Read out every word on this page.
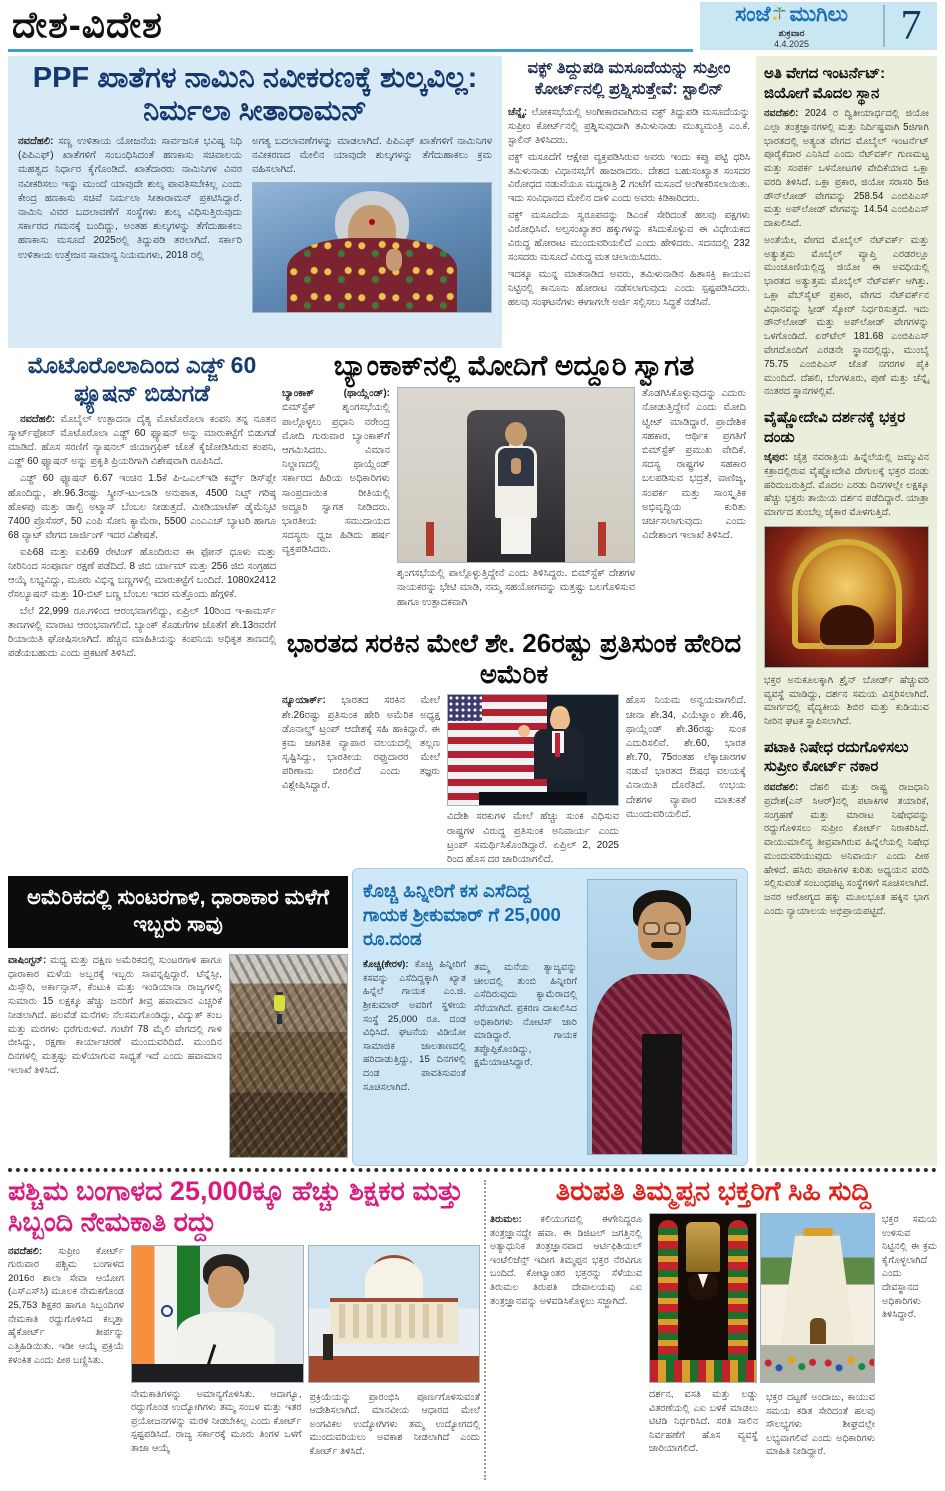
ದೇಶ-ವಿದೇಶ	ಸಂಜೆ ಮುಗಿಲು
ಶುಕ್ರವಾರ
4.4.2025	7
PPF ಖಾತೆಗಳ ನಾಮಿನಿ ನವೀಕರಣಕ್ಕೆ ಶುಲ್ಕವಿಲ್ಲ: ನಿರ್ಮಲಾ ಸೀತಾರಾಮನ್

ನವದೆಹಲಿ: ಸಣ್ಣ ಉಳಿತಾಯ ಯೋಜನೆಯ ಸಾರ್ವಜನಿಕ ಭವಿಷ್ಯ ನಿಧಿ (ಪಿಪಿಎಫ್) ಖಾತೆಗಳಿಗೆ ಸಂಬಂಧಿಸಿದಂತೆ ಹಣಕಾಸು ಸಚಿವಾಲಯ ಮಹತ್ವದ ನಿರ್ಧಾರ ಕೈಗೊಂಡಿದೆ. ಖಾತೆದಾರರು ನಾಮಿನಿಗಳ ವಿವರ ನವೀಕರಿಸಲು ಇನ್ನು ಮುಂದೆ ಯಾವುದೇ ಶುಲ್ಕ ಪಾವತಿಸಬೇಕಿಲ್ಲ ಎಂದು ಕೇಂದ್ರ ಹಣಕಾಸು ಸಚಿವೆ ನಿರ್ಮಲಾ ಸೀತಾರಾಮನ್ ಪ್ರಕಟಿಸಿದ್ದಾರೆ. ನಾಮಿನಿ ವಿವರ ಬದಲಾವಣೆಗೆ ಸಂಸ್ಥೆಗಳು ಶುಲ್ಕ ವಿಧಿಸುತ್ತಿರುವುದು ಸರ್ಕಾರದ ಗಮನಕ್ಕೆ ಬಂದಿದ್ದು, ಅಂತಹ ಶುಲ್ಕಗಳನ್ನು ತೆಗೆದುಹಾಕಲು ಹಣಕಾಸು ಮಸೂದೆ 2025ರಲ್ಲಿ ತಿದ್ದುಪಡಿ ತರಲಾಗಿದೆ. ಸರ್ಕಾರಿ ಉಳಿತಾಯ ಉತ್ತೇಜನ ಸಾಮಾನ್ಯ ನಿಯಮಗಳು, 2018 ರಲ್ಲಿ

ಅಗತ್ಯ ಬದಲಾವಣೆಗಳನ್ನು ಮಾಡಲಾಗಿದೆ. ಪಿಪಿಎಫ್ ಖಾತೆಗಳಿಗೆ ನಾಮಿನಿಗಳ ನವೀಕರಣದ ಮೇಲಿನ ಯಾವುದೇ ಶುಲ್ಕಗಳನ್ನು ತೆಗೆದುಹಾಕಲು ಕ್ರಮ ವಹಿಸಲಾಗಿದೆ.

ವಕ್ಫ್ ತಿದ್ದುಪಡಿ ಮಸೂದೆಯನ್ನು ಸುಪ್ರೀಂ ಕೋರ್ಟ್‌ನಲ್ಲಿ ಪ್ರಶ್ನಿಸುತ್ತೇವೆ: ಸ್ಟಾಲಿನ್

ಚೆನ್ನೈ: ಲೋಕಸಭೆಯಲ್ಲಿ ಅಂಗೀಕಾರವಾಗಿರುವ ವಕ್ಫ್ ತಿದ್ದುಪಡಿ ಮಸೂದೆಯನ್ನು ಸುಪ್ರೀಂ ಕೋರ್ಟ್‌ನಲ್ಲಿ ಪ್ರಶ್ನಿಸುವುದಾಗಿ ತಮಿಳುನಾಡು ಮುಖ್ಯಮಂತ್ರಿ ಎಂ.ಕೆ. ಸ್ಟಾಲಿನ್ ತಿಳಿಸಿದರು.

ವಕ್ಫ್ ಮಸೂದೆಗೆ ಆಕ್ಷೇಪ ವ್ಯಕ್ತಪಡಿಸಿರುವ ಅವರು ಇಂದು ಕಪ್ಪು ಪಟ್ಟಿ ಧರಿಸಿ ತಮಿಳುನಾಡು ವಿಧಾನಸಭೆಗೆ ಹಾಜರಾದರು. ದೇಶದ ಬಹುಸಂಖ್ಯಾತ ಸಂಸದರ ವಿರೋಧದ ನಡುವೆಯೂ ಮಧ್ಯರಾತ್ರಿ 2 ಗಂಟೆಗೆ ಮಸೂದೆ ಅಂಗೀಕರಿಸಲಾಯಿತು. ಇದು ಸಂವಿಧಾನದ ಮೇಲಿನ ದಾಳಿ ಎಂದು ಅವರು ಕಿಡಿಕಾರಿದರು.

ವಕ್ಫ್ ಮಸೂದೆಯ ಸ್ವರೂಪವನ್ನು ಡಿಎಂಕೆ ಸೇರಿದಂತೆ ಹಲವು ಪಕ್ಷಗಳು ವಿರೋಧಿಸಿವೆ. ಅಲ್ಪಸಂಖ್ಯಾತರ ಹಕ್ಕುಗಳನ್ನು ಕಸಿದುಕೊಳ್ಳುವ ಈ ವಿಧೇಯಕದ ವಿರುದ್ಧ ಹೋರಾಟ ಮುಂದುವರಿಯಲಿದೆ ಎಂದು ಹೇಳಿದರು. ಸದನದಲ್ಲಿ 232 ಸಂಸದರು ಮಸೂದೆ ವಿರುದ್ಧ ಮತ ಚಲಾಯಿಸಿದರು.

ಇದಕ್ಕೂ ಮುನ್ನ ಮಾತನಾಡಿದ ಅವರು, ತಮಿಳುನಾಡಿನ ಹಿತಾಸಕ್ತಿ ಕಾಯುವ ನಿಟ್ಟಿನಲ್ಲಿ ಕಾನೂನು ಹೋರಾಟ ನಡೆಸಲಾಗುವುದು ಎಂದು ಸ್ಪಷ್ಟಪಡಿಸಿದರು. ಹಲವು ಸಂಘಟನೆಗಳು ಈಗಾಗಲೇ ಅರ್ಜಿ ಸಲ್ಲಿಸಲು ಸಿದ್ಧತೆ ನಡೆಸಿವೆ.

ಅತಿ ವೇಗದ ಇಂಟರ್ನೆಟ್: ಜಿಯೋಗೆ ಮೊದಲ ಸ್ಥಾನ

ನವದೆಹಲಿ: 2024 ರ ದ್ವಿತೀಯಾರ್ಧದಲ್ಲಿ ಜಿಯೋ ಎಲ್ಲಾ ತಂತ್ರಜ್ಞಾನಗಳಲ್ಲಿ ಮತ್ತು ನಿರ್ದಿಷ್ಟವಾಗಿ 5ಜಿಗಾಗಿ ಭಾರತದಲ್ಲಿ ಅತ್ಯಂತ ವೇಗದ ಮೊಬೈಲ್ ಇಂಟರ್ನೆಟ್ ಪೂರೈಕೆದಾರ ಎನಿಸಿದೆ ಎಂದು ನೆಟ್‌ವರ್ಕ್ ಗುಣಮಟ್ಟ ಮತ್ತು ಸಂಪರ್ಕ ಒಳನೋಟಗಳ ವೇದಿಕೆಯಾದ ಒಕ್ಲಾ ವರದಿ ತಿಳಿಸಿದೆ. ಒಕ್ಲಾ ಪ್ರಕಾರ, ಜಿಯೋ ಸರಾಸರಿ 5ಜಿ ಡೌನ್‌ಲೋಡ್ ವೇಗವನ್ನು 258.54 ಎಂಬಿಪಿಎಸ್ ಮತ್ತು ಅಪ್‌ಲೋಡ್ ವೇಗವನ್ನು 14.54 ಎಂಬಿಪಿಎಸ್ ದಾಖಲಿಸಿದೆ.

ಅಂತೆಯೇ, ವೇಗದ ಮೊಬೈಲ್ ನೆಟ್‌ವರ್ಕ್ ಮತ್ತು ಅತ್ಯುತ್ತಮ ಮೊಬೈಲ್ ವ್ಯಾಪ್ತಿ ಎರಡರಲ್ಲೂ ಮುಂಚೂಣಿಯಲ್ಲಿದ್ದ ಜಿಯೋ ಈ ಅವಧಿಯಲ್ಲಿ ಭಾರತದ ಅತ್ಯುತ್ತಮ ಮೊಬೈಲ್ ನೆಟ್‌ವರ್ಕ್ ಆಗಿತ್ತು. ಒಕ್ಲಾ ವೆಬ್‌ಸೈಟ್ ಪ್ರಕಾರ, ವೇಗದ ನೆಟ್‌ವರ್ಕ್‌ನ ವಿಧಾನವನ್ನು ಸ್ಪೀಡ್ ಸ್ಕೋರ್ ನಿರ್ಧರಿಸುತ್ತದೆ. ಇದು ಡೌನ್‌ಲೋಡ್ ಮತ್ತು ಅಪ್‌ಲೋಡ್ ವೇಗಗಳನ್ನು ಒಳಗೊಂಡಿದೆ. ಏರ್‌ಟೆಲ್ 181.68 ಎಂಬಿಪಿಎಸ್ ವೇಗದೊಂದಿಗೆ ಎರಡನೇ ಸ್ಥಾನದಲ್ಲಿದ್ದು, ಮುಂಬೈ 75.75 ಎಂಬಿಪಿಎಸ್ ಜೊತೆ ನಗರಗಳ ಪೈಕಿ ಮುಂದಿದೆ. ದೆಹಲಿ, ಬೆಂಗಳೂರು, ಪುಣೆ ಮತ್ತು ಚೆನ್ನೈ ನಂತರದ ಸ್ಥಾನಗಳಲ್ಲಿವೆ.

ವೈಷ್ಣೋದೇವಿ ದರ್ಶನಕ್ಕೆ ಭಕ್ತರ ದಂಡು

ಜೈಪುರ: ಚೈತ್ರ ನವರಾತ್ರಿಯ ಹಿನ್ನೆಲೆಯಲ್ಲಿ ಜಮ್ಮುವಿನ ಕತ್ರಾದಲ್ಲಿರುವ ವೈಷ್ಣೋದೇವಿ ದೇಗುಲಕ್ಕೆ ಭಕ್ತರ ದಂಡು ಹರಿದುಬರುತ್ತಿದೆ. ಮೊದಲ ಎರಡು ದಿನಗಳಲ್ಲೇ ಲಕ್ಷಕ್ಕೂ ಹೆಚ್ಚು ಭಕ್ತರು ತಾಯಿಯ ದರ್ಶನ ಪಡೆದಿದ್ದಾರೆ. ಯಾತ್ರಾ ಮಾರ್ಗದ ತುಂಬೆಲ್ಲ ಜೈಕಾರ ಮೊಳಗುತ್ತಿದೆ.

ಭಕ್ತರ ಅನುಕೂಲಕ್ಕಾಗಿ ಶ್ರೈನ್ ಬೋರ್ಡ್ ಹೆಚ್ಚುವರಿ ವ್ಯವಸ್ಥೆ ಮಾಡಿದ್ದು, ದರ್ಶನ ಸಮಯ ವಿಸ್ತರಿಸಲಾಗಿದೆ. ಮಾರ್ಗದಲ್ಲಿ ವೈದ್ಯಕೀಯ ಶಿಬಿರ ಮತ್ತು ಕುಡಿಯುವ ನೀರಿನ ಘಟಕ ಸ್ಥಾಪಿಸಲಾಗಿದೆ.

ಪಟಾಕಿ ನಿಷೇಧ ರದುಗೊಳಿಸಲು ಸುಪ್ರೀಂ ಕೋರ್ಟ್ ನಕಾರ

ನವದೆಹಲಿ: ದೆಹಲಿ ಮತ್ತು ರಾಷ್ಟ್ರ ರಾಜಧಾನಿ ಪ್ರದೇಶ(ಎನ್ ಸಿಆರ್)ನಲ್ಲಿ ಪಟಾಕಿಗಳ ತಯಾರಿಕೆ, ಸಂಗ್ರಹಣೆ ಮತ್ತು ಮಾರಾಟ ನಿಷೇಧವನ್ನು ರದ್ದುಗೊಳಿಸಲು ಸುಪ್ರೀಂ ಕೋರ್ಟ್ ನಿರಾಕರಿಸಿದೆ. ವಾಯುಮಾಲಿನ್ಯ ತೀವ್ರವಾಗಿರುವ ಹಿನ್ನೆಲೆಯಲ್ಲಿ ನಿಷೇಧ ಮುಂದುವರಿಯುವುದು ಅನಿವಾರ್ಯ ಎಂದು ಪೀಠ ಹೇಳಿದೆ. ಹಸಿರು ಪಟಾಕಿಗಳ ಕುರಿತು ಅಧ್ಯಯನ ವರದಿ ಸಲ್ಲಿಸುವಂತೆ ಸಂಬಂಧಪಟ್ಟ ಸಂಸ್ಥೆಗಳಿಗೆ ಸೂಚಿಸಲಾಗಿದೆ. ಜನರ ಆರೋಗ್ಯದ ಹಕ್ಕು ಮೂಲಭೂತ ಹಕ್ಕಿನ ಭಾಗ ಎಂದು ನ್ಯಾಯಾಲಯ ಅಭಿಪ್ರಾಯಪಟ್ಟಿದೆ.

ಮೊಟೊರೊಲಾದಿಂದ ಎಡ್ಜ್ 60 ಫ್ಯೂಷನ್ ಬಿಡುಗಡೆ

ನವದೆಹಲಿ: ಮೊಬೈಲ್ ಉತ್ಪಾದನಾ ದೈತ್ಯ ಮೊಟೊರೊಲಾ ಕಂಪನಿ ತನ್ನ ನೂತನ ಸ್ಮಾರ್ಟ್‌ಫೋನ್ ಮೊಟೊರೊಲಾ ಎಡ್ಜ್ 60 ಫ್ಯೂಷನ್ ಅನ್ನು ಮಾರುಕಟ್ಟೆಗೆ ಬಿಡುಗಡೆ ಮಾಡಿದೆ. ಹೊಸ ಸರಣಿಗೆ ನ್ಯಾಷನಲ್ ಜಿಯಾಗ್ರಫಿಕ್ ಜೊತೆ ಕೈಜೋಡಿಸಿರುವ ಕಂಪನಿ, ಎಡ್ಜ್ 60 ಫ್ಯೂಷನ್ ಅನ್ನು ಪ್ರಕೃತಿ ಪ್ರಿಯರಿಗಾಗಿ ವಿಶೇಷವಾಗಿ ರೂಪಿಸಿದೆ.

ಎಡ್ಜ್ 60 ಫ್ಯೂಷನ್ 6.67 ಇಂಚಿನ 1.5ಕೆ ಪಿ-ಒಎಲ್‌ಇಡಿ ಕರ್ವ್ಡ್ ಡಿಸ್‌ಪ್ಲೇ ಹೊಂದಿದ್ದು, ಶೇ.96.3ರಷ್ಟು ಸ್ಕ್ರೀನ್-ಟು-ಬಾಡಿ ಅನುಪಾತ, 4500 ನಿಟ್ಸ್ ಗರಿಷ್ಠ ಹೊಳಪು ಮತ್ತು ಡಾಲ್ಬಿ ಅಟ್ಮಾಸ್ ಬೆಂಬಲ ನೀಡುತ್ತದೆ. ಮೀಡಿಯಾಟೆಕ್ ಡೈಮೆನ್ಸಿಟಿ 7400 ಪ್ರೊಸೆಸರ್, 50 ಎಂಪಿ ಸೋನಿ ಕ್ಯಾಮೆರಾ, 5500 ಎಂಎಎಚ್ ಬ್ಯಾಟರಿ ಹಾಗೂ 68 ವ್ಯಾಟ್ ವೇಗದ ಚಾರ್ಜಿಂಗ್ ಇದರ ವಿಶೇಷತೆ.

ಐಪಿ68 ಮತ್ತು ಐಪಿ69 ರೇಟಿಂಗ್ ಹೊಂದಿರುವ ಈ ಫೋನ್ ಧೂಳು ಮತ್ತು ನೀರಿನಿಂದ ಸಂಪೂರ್ಣ ರಕ್ಷಣೆ ಪಡೆದಿದೆ. 8 ಜಿಬಿ ರ್ಯಾಮ್ ಮತ್ತು 256 ಜಿಬಿ ಸಂಗ್ರಹದ ಆಯ್ಕೆ ಲಭ್ಯವಿದ್ದು, ಮೂರು ವಿಭಿನ್ನ ಬಣ್ಣಗಳಲ್ಲಿ ಮಾರುಕಟ್ಟೆಗೆ ಬಂದಿದೆ. 1080x2412 ರೆಸಲ್ಯೂಷನ್ ಮತ್ತು 10-ಬಿಟ್ ಬಣ್ಣ ಬೆಂಬಲ ಇದರ ಮತ್ತೊಂದು ಹೆಗ್ಗಳಿಕೆ.

ಬೆಲೆ 22,999 ರೂ.ಗಳಿಂದ ಆರಂಭವಾಗಲಿದ್ದು, ಏಪ್ರಿಲ್ 10ರಿಂದ ಇ-ಕಾಮರ್ಸ್ ತಾಣಗಳಲ್ಲಿ ಮಾರಾಟ ಆರಂಭವಾಗಲಿದೆ. ಬ್ಯಾಂಕ್ ಕೊಡುಗೆಗಳ ಜೊತೆಗೆ ಶೇ.13ರವರೆಗೆ ರಿಯಾಯಿತಿ ಘೋಷಿಸಲಾಗಿದೆ. ಹೆಚ್ಚಿನ ಮಾಹಿತಿಯನ್ನು ಕಂಪನಿಯ ಅಧಿಕೃತ ತಾಣದಲ್ಲಿ ಪಡೆಯಬಹುದು ಎಂದು ಪ್ರಕಟಣೆ ತಿಳಿಸಿದೆ.

ಬ್ಯಾಂಕಾಕ್‌ನಲ್ಲಿ ಮೋದಿಗೆ ಅದ್ದೂರಿ ಸ್ವಾಗತ

ಬ್ಯಾಂಕಾಕ್ (ಥಾಯ್ಲೆಂಡ್): ಬಿಮ್‌ಸ್ಟೆಕ್ ಶೃಂಗಸಭೆಯಲ್ಲಿ ಪಾಲ್ಗೊಳ್ಳಲು ಪ್ರಧಾನಿ ನರೇಂದ್ರ ಮೋದಿ ಗುರುವಾರ ಬ್ಯಾಂಕಾಕ್‌ಗೆ ಆಗಮಿಸಿದರು. ವಿಮಾನ ನಿಲ್ದಾಣದಲ್ಲಿ ಥಾಯ್ಲೆಂಡ್ ಸರ್ಕಾರದ ಹಿರಿಯ ಅಧಿಕಾರಿಗಳು ಸಾಂಪ್ರದಾಯಿಕ ರೀತಿಯಲ್ಲಿ ಅದ್ದೂರಿ ಸ್ವಾಗತ ನೀಡಿದರು. ಭಾರತೀಯ ಸಮುದಾಯದ ಸದಸ್ಯರು ಧ್ವಜ ಹಿಡಿದು ಹರ್ಷ ವ್ಯಕ್ತಪಡಿಸಿದರು.

ಶೃಂಗಸಭೆಯಲ್ಲಿ ಪಾಲ್ಗೊಳ್ಳುತ್ತಿದ್ದೇನೆ ಎಂದು ತಿಳಿಸಿದ್ದರು. ಬಿಮ್‌ಸ್ಟೆಕ್ ದೇಶಗಳ ನಾಯಕರನ್ನು ಭೇಟಿ ಮಾಡಿ, ನಮ್ಮ ಸಹಯೋಗವನ್ನು ಮತ್ತಷ್ಟು ಬಲಗೊಳಿಸುವ ಹಾಗೂ ಉತ್ಪಾದಕವಾಗಿ

ತೊಡಗಿಸಿಕೊಳ್ಳುವುದನ್ನು ಎದುರು ನೋಡುತ್ತಿದ್ದೇನೆ ಎಂದು ಮೋದಿ ಟ್ವೀಟ್ ಮಾಡಿದ್ದಾರೆ. ಪ್ರಾದೇಶಿಕ ಸಹಕಾರ, ಆರ್ಥಿಕ ಪ್ರಗತಿಗೆ ಬಿಮ್‌ಸ್ಟೆಕ್ ಪ್ರಮುಖ ವೇದಿಕೆ. ಸದಸ್ಯ ರಾಷ್ಟ್ರಗಳ ಸಹಕಾರ ಬಲಪಡಿಸುವ ಭದ್ರತೆ, ವಾಣಿಜ್ಯ, ಸಂಪರ್ಕ ಮತ್ತು ಸಾಂಸ್ಕೃತಿಕ ಅಭಿವೃದ್ಧಿಯ ಕುರಿತು ಚರ್ಚಿಸಲಾಗುವುದು ಎಂದು ವಿದೇಶಾಂಗ ಇಲಾಖೆ ತಿಳಿಸಿದೆ.

ಭಾರತದ ಸರಕಿನ ಮೇಲೆ ಶೇ. 26ರಷ್ಟು ಪ್ರತಿಸುಂಕ ಹೇರಿದ ಅಮೆರಿಕ

ನ್ಯೂಯಾರ್ಕ್: ಭಾರತದ ಸರಕಿನ ಮೇಲೆ ಶೇ.26ರಷ್ಟು ಪ್ರತಿಸುಂಕ ಹೇರಿ ಅಮೆರಿಕ ಅಧ್ಯಕ್ಷ ಡೊನಾಲ್ಡ್ ಟ್ರಂಪ್ ಆದೇಶಕ್ಕೆ ಸಹಿ ಹಾಕಿದ್ದಾರೆ. ಈ ಕ್ರಮ ಜಾಗತಿಕ ವ್ಯಾಪಾರ ವಲಯದಲ್ಲಿ ತಲ್ಲಣ ಸೃಷ್ಟಿಸಿದ್ದು, ಭಾರತೀಯ ರಫ್ತುದಾರರ ಮೇಲೆ ಪರಿಣಾಮ ಬೀರಲಿದೆ ಎಂದು ತಜ್ಞರು ವಿಶ್ಲೇಷಿಸಿದ್ದಾರೆ.

ವಿದೇಶಿ ಸರಕುಗಳ ಮೇಲೆ ಹೆಚ್ಚು ಸುಂಕ ವಿಧಿಸುವ ರಾಷ್ಟ್ರಗಳ ವಿರುದ್ಧ ಪ್ರತಿಸುಂಕ ಅನಿವಾರ್ಯ ಎಂದು ಟ್ರಂಪ್ ಸಮರ್ಥಿಸಿಕೊಂಡಿದ್ದಾರೆ. ಏಪ್ರಿಲ್ 2, 2025 ರಿಂದ ಹೊಸ ದರ ಜಾರಿಯಾಗಲಿದೆ.

ಹೊಸ ನಿಯಮ ಅನ್ವಯವಾಗಲಿದೆ. ಚೀನಾ ಶೇ.34, ವಿಯೆಟ್ನಾಂ ಶೇ.46, ಥಾಯ್ಲೆಂಡ್ ಶೇ.36ರಷ್ಟು ಸುಂಕ ಎದುರಿಸಲಿವೆ. ಶೇ.60, ಭಾರತ ಶೇ.70, 75ರಂತಹ ಲೆಕ್ಕಾಚಾರಗಳ ನಡುವೆ ಭಾರತದ ಔಷಧ ವಲಯಕ್ಕೆ ವಿನಾಯಿತಿ ದೊರೆತಿದೆ. ಉಭಯ ದೇಶಗಳ ವ್ಯಾಪಾರ ಮಾತುಕತೆ ಮುಂದುವರಿಯಲಿದೆ.

ಅಮೆರಿಕದಲ್ಲಿ ಸುಂಟರಗಾಳಿ, ಧಾರಾಕಾರ ಮಳೆಗೆ ಇಬ್ಬರು ಸಾವು

ವಾಷಿಂಗ್ಟನ್: ಮಧ್ಯ ಮತ್ತು ದಕ್ಷಿಣ ಅಮೆರಿಕದಲ್ಲಿ ಸುಂಟರಗಾಳಿ ಹಾಗೂ ಧಾರಾಕಾರ ಮಳೆಯ ಅಬ್ಬರಕ್ಕೆ ಇಬ್ಬರು ಸಾವನ್ನಪ್ಪಿದ್ದಾರೆ. ಟೆನ್ನೆಸ್ಸೀ, ಮಿಸ್ಸೌರಿ, ಅರ್ಕಾನ್ಸಾಸ್, ಕೆಂಟುಕಿ ಮತ್ತು ಇಂಡಿಯಾನಾ ರಾಜ್ಯಗಳಲ್ಲಿ ಸುಮಾರು 15 ಲಕ್ಷಕ್ಕೂ ಹೆಚ್ಚು ಜನರಿಗೆ ತೀವ್ರ ಹವಾಮಾನ ಎಚ್ಚರಿಕೆ ನೀಡಲಾಗಿದೆ. ಹಲವೆಡೆ ಮನೆಗಳು ನೆಲಸಮಗೊಂಡಿದ್ದು, ವಿದ್ಯುತ್ ಕಂಬ ಮತ್ತು ಮರಗಳು ಧರೆಗುರುಳಿವೆ. ಗಂಟೆಗೆ 78 ಮೈಲಿ ವೇಗದಲ್ಲಿ ಗಾಳಿ ಬೀಸಿದ್ದು, ರಕ್ಷಣಾ ಕಾರ್ಯಾಚರಣೆ ಮುಂದುವರಿದಿದೆ. ಮುಂದಿನ ದಿನಗಳಲ್ಲಿ ಮತ್ತಷ್ಟು ಮಳೆಯಾಗುವ ಸಾಧ್ಯತೆ ಇದೆ ಎಂದು ಹವಾಮಾನ ಇಲಾಖೆ ತಿಳಿಸಿದೆ.

ಕೊಚ್ಚಿ ಹಿನ್ನೀರಿಗೆ ಕಸ ಎಸೆದಿದ್ದ ಗಾಯಕ ಶ್ರೀಕುಮಾರ್ ಗೆ 25,000 ರೂ.ದಂಡ

ಕೊಚ್ಚಿ(ಕೇರಳ): ಕೊಚ್ಚಿ ಹಿನ್ನೀರಿಗೆ ಕಸವನ್ನು ಎಸೆದಿದ್ದಕ್ಕಾಗಿ ಖ್ಯಾತ ಹಿನ್ನೆಲೆ ಗಾಯಕ ಎಂ.ಜಿ. ಶ್ರೀಕುಮಾರ್ ಅವರಿಗೆ ಸ್ಥಳೀಯ ಸಂಸ್ಥೆ 25,000 ರೂ. ದಂಡ ವಿಧಿಸಿದೆ. ಘಟನೆಯ ವಿಡಿಯೋ ಸಾಮಾಜಿಕ ಜಾಲತಾಣದಲ್ಲಿ ಹರಿದಾಡುತ್ತಿದ್ದು, 15 ದಿನಗಳಲ್ಲಿ ದಂಡ ಪಾವತಿಸುವಂತೆ ಸೂಚಿಸಲಾಗಿದೆ.

ತಮ್ಮ ಮನೆಯ ತ್ಯಾಜ್ಯವನ್ನು ಚೀಲದಲ್ಲಿ ತುಂಬಿ ಹಿನ್ನೀರಿಗೆ ಎಸೆದಿರುವುದು ಕ್ಯಾಮೆರಾದಲ್ಲಿ ಸೆರೆಯಾಗಿದೆ. ಪ್ರಕರಣ ದಾಖಲಿಸಿದ ಅಧಿಕಾರಿಗಳು ನೋಟಿಸ್ ಜಾರಿ ಮಾಡಿದ್ದಾರೆ. ಗಾಯಕ ತಪ್ಪೊಪ್ಪಿಕೊಂಡಿದ್ದು, ಕ್ಷಮೆಯಾಚಿಸಿದ್ದಾರೆ.

ಪಶ್ಚಿಮ ಬಂಗಾಳದ 25,000ಕ್ಕೂ ಹೆಚ್ಚು ಶಿಕ್ಷಕರ ಮತ್ತು ಸಿಬ್ಬಂದಿ ನೇಮಕಾತಿ ರದ್ದು

ನವದೆಹಲಿ: ಸುಪ್ರೀಂ ಕೋರ್ಟ್ ಗುರುವಾರ ಪಶ್ಚಿಮ ಬಂಗಾಳದ 2016ರ ಶಾಲಾ ಸೇವಾ ಆಯೋಗ (ಎಸ್‌ಎಸ್‌ಸಿ) ಮೂಲಕ ನೇಮಕಗೊಂಡ 25,753 ಶಿಕ್ಷಕರ ಹಾಗೂ ಸಿಬ್ಬಂದಿಗಳ ನೇಮಕಾತಿ ರದ್ದುಗೊಳಿಸಿದ ಕಲ್ಕತ್ತಾ ಹೈಕೋರ್ಟ್ ತೀರ್ಪನ್ನು ಎತ್ತಿಹಿಡಿಯಿತು. ಇಡೀ ಆಯ್ಕೆ ಪ್ರಕ್ರಿಯೆ ಕಳಂಕಿತ ಎಂದು ಪೀಠ ಬಣ್ಣಿಸಿತು.

ನೇಮಕಾತಿಗಳನ್ನು ಅಮಾನ್ಯಗೊಳಿಸಿತು. ಆದಾಗ್ಯೂ, ರದ್ದುಗೊಂಡ ಉದ್ಯೋಗಿಗಳು ತಮ್ಮ ಸಂಬಳ ಮತ್ತು ಇತರ ಪ್ರಯೋಜನಗಳನ್ನು ಮರಳಿ ನೀಡಬೇಕಿಲ್ಲ ಎಂದು ಕೋರ್ಟ್ ಸ್ಪಷ್ಟಪಡಿಸಿದೆ. ರಾಜ್ಯ ಸರ್ಕಾರಕ್ಕೆ ಮೂರು ತಿಂಗಳ ಒಳಗೆ ತಾಜಾ ಆಯ್ಕೆ

ಪ್ರಕ್ರಿಯೆಯನ್ನು ಪ್ರಾರಂಭಿಸಿ ಪೂರ್ಣಗೊಳಿಸುವಂತೆ ಆದೇಶಿಸಲಾಗಿದೆ. ಮಾನವೀಯ ಆಧಾರದ ಮೇಲೆ ಅಂಗವಿಕಲ ಉದ್ಯೋಗಿಗಳು ತಮ್ಮ ಉದ್ಯೋಗದಲ್ಲಿ ಮುಂದುವರಿಯಲು ಅವಕಾಶ ನೀಡಲಾಗಿದೆ ಎಂದು ಕೋರ್ಟ್ ತಿಳಿಸಿದೆ.

ತಿರುಪತಿ ತಿಮ್ಮಪ್ಪನ ಭಕ್ತರಿಗೆ ಸಿಹಿ ಸುದ್ದಿ

ತಿರುಮಲ: ಕಲಿಯುಗದಲ್ಲಿ ಈಗೇನಿದ್ದರೂ ತಂತ್ರಜ್ಞಾನದ್ದೇ ಹವಾ. ಈ ಡಿಜಿಟಲ್ ಜಗತ್ತಿನಲ್ಲಿ ಅತ್ಯಾಧುನಿಕ ತಂತ್ರಜ್ಞಾನವಾದ ಆರ್ಟಿಫಿಶಿಯಲ್ ಇಂಟೆಲಿಜೆನ್ಸ್ ಇದೀಗ ತಿಮ್ಮಪ್ಪನ ಭಕ್ತರ ನೆರವಿಗೂ ಬಂದಿದೆ. ಕೋಟ್ಯಾಂತರ ಭಕ್ತರನ್ನು ಸೆಳೆಯುವ ತಿರುಮಲ ತಿರುಪತಿ ದೇವಾಲಯವು ಎಐ ತಂತ್ರಜ್ಞಾನವನ್ನು ಅಳವಡಿಸಿಕೊಳ್ಳಲು ಸಜ್ಜಾಗಿದೆ.

ದರ್ಶನ, ವಸತಿ ಮತ್ತು ಲಡ್ಡು ವಿತರಣೆಯಲ್ಲಿ ಎಐ ಬಳಕೆ ಮಾಡಲು ಟಿಟಿಡಿ ನಿರ್ಧರಿಸಿದೆ. ಸರತಿ ಸಾಲಿನ ನಿರ್ವಹಣೆಗೆ ಹೊಸ ವ್ಯವಸ್ಥೆ ಜಾರಿಯಾಗಲಿದೆ.

ಭಕ್ತರ ದಟ್ಟಣೆ ಅಂದಾಜು, ಕಾಯುವ ಸಮಯ ಕಡಿತ ಸೇರಿದಂತೆ ಹಲವು ಸೌಲಭ್ಯಗಳು ಶೀಘ್ರದಲ್ಲೇ ಲಭ್ಯವಾಗಲಿವೆ ಎಂದು ಅಧಿಕಾರಿಗಳು ಮಾಹಿತಿ ನೀಡಿದ್ದಾರೆ.

ಭಕ್ತರ ಸಮಯ ಉಳಿಸುವ ನಿಟ್ಟಿನಲ್ಲಿ ಈ ಕ್ರಮ ಕೈಗೊಳ್ಳಲಾಗಿದೆ ಎಂದು ದೇವಸ್ಥಾನದ ಅಧಿಕಾರಿಗಳು ತಿಳಿಸಿದ್ದಾರೆ.
